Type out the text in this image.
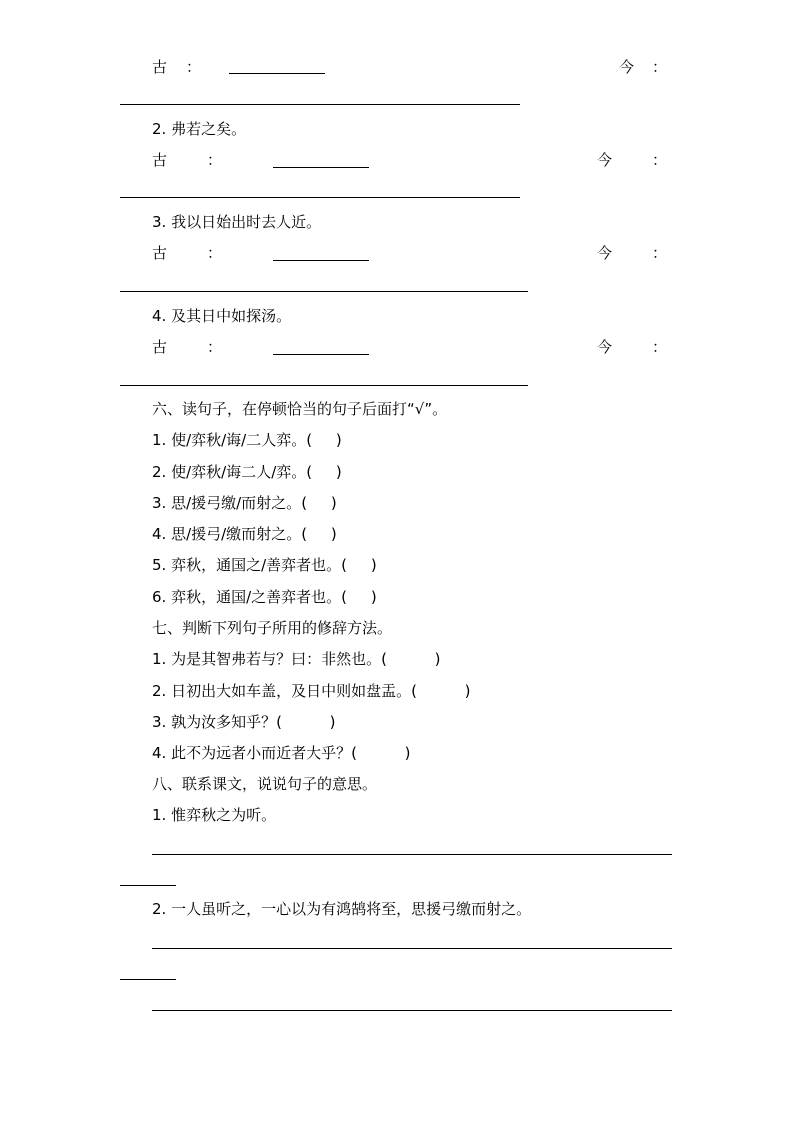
古 ：	今 ：
2. 弗若之矣。
古	：	今	：
3. 我以日始出时去人近。
古	：	今	：
4. 及其日中如探汤。
古	：	今	：
六、读句子，在停顿恰当的句子后面打“√”。
1. 使/弈秋/诲/二人弈。(     )
2. 使/弈秋/诲二人/弈。(     )
3. 思/援弓缴/而射之。(     )
4. 思/援弓/缴而射之。(     )
5. 弈秋，通国之/善弈者也。(     )
6. 弈秋，通国/之善弈者也。(     )
七、判断下列句子所用的修辞方法。
1. 为是其智弗若与？曰：非然也。(          )
2. 日初出大如车盖，及日中则如盘盂。(          )
3. 孰为汝多知乎？(          )
4. 此不为远者小而近者大乎？(          )
八、联系课文，说说句子的意思。
1. 惟弈秋之为听。
2. 一人虽听之，一心以为有鸿鹄将至，思援弓缴而射之。
